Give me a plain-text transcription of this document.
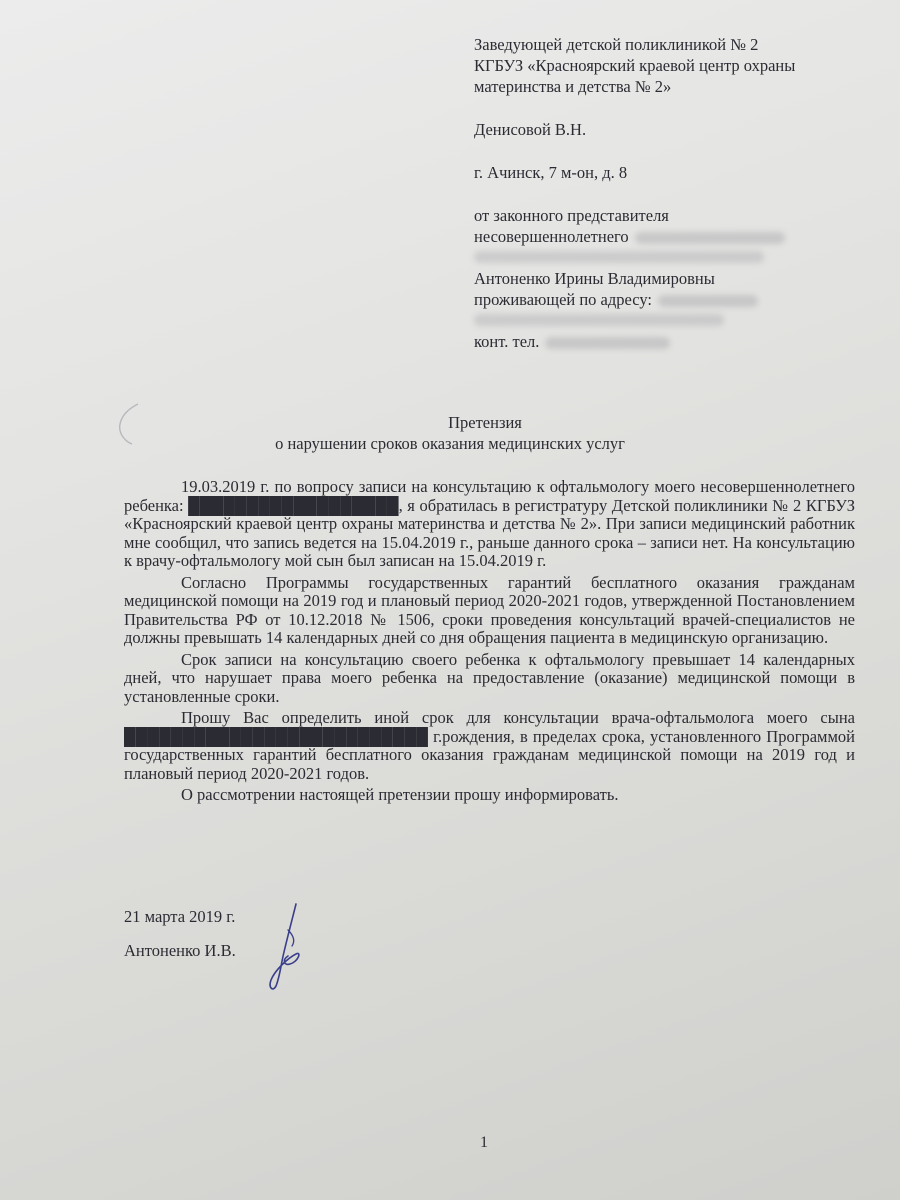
Заведующей детской поликлиникой № 2
КГБУЗ «Красноярский краевой центр охраны
материнства и детства № 2»
Денисовой В.Н.
г. Ачинск, 7 м-он, д. 8
от законного представителя
несовершеннолетнего
Антоненко Ирины Владимировны
проживающей по адресу:
конт. тел.
Претензия
о нарушении сроков оказания медицинских услуг

19.03.2019 г. по вопросу записи на консультацию к офтальмологу моего несовершеннолетнего ребенка: ██████████████████, я обратилась в регистратуру Детской поликлиники № 2 КГБУЗ «Красноярский краевой центр охраны материнства и детства № 2». При записи медицинский работник мне сообщил, что запись ведется на 15.04.2019 г., раньше данного срока – записи нет. На консультацию к врачу-офтальмологу мой сын был записан на 15.04.2019 г.

Согласно Программы государственных гарантий бесплатного оказания гражданам медицинской помощи на 2019 год и плановый период 2020-2021 годов, утвержденной Постановлением Правительства РФ от 10.12.2018 № 1506, сроки проведения консультаций врачей-специалистов не должны превышать 14 календарных дней со дня обращения пациента в медицинскую организацию.

Срок записи на консультацию своего ребенка к офтальмологу превышает 14 календарных дней, что нарушает права моего ребенка на предоставление (оказание) медицинской помощи в установленные сроки.

Прошу Вас определить иной срок для консультации врача-офтальмолога моего сына ██████████████████████████ г.рождения, в пределах срока, установленного Программой государственных гарантий бесплатного оказания гражданам медицинской помощи на 2019 год и плановый период 2020-2021 годов.

О рассмотрении настоящей претензии прошу информировать.

21 марта 2019 г.
Антоненко И.В.
1
